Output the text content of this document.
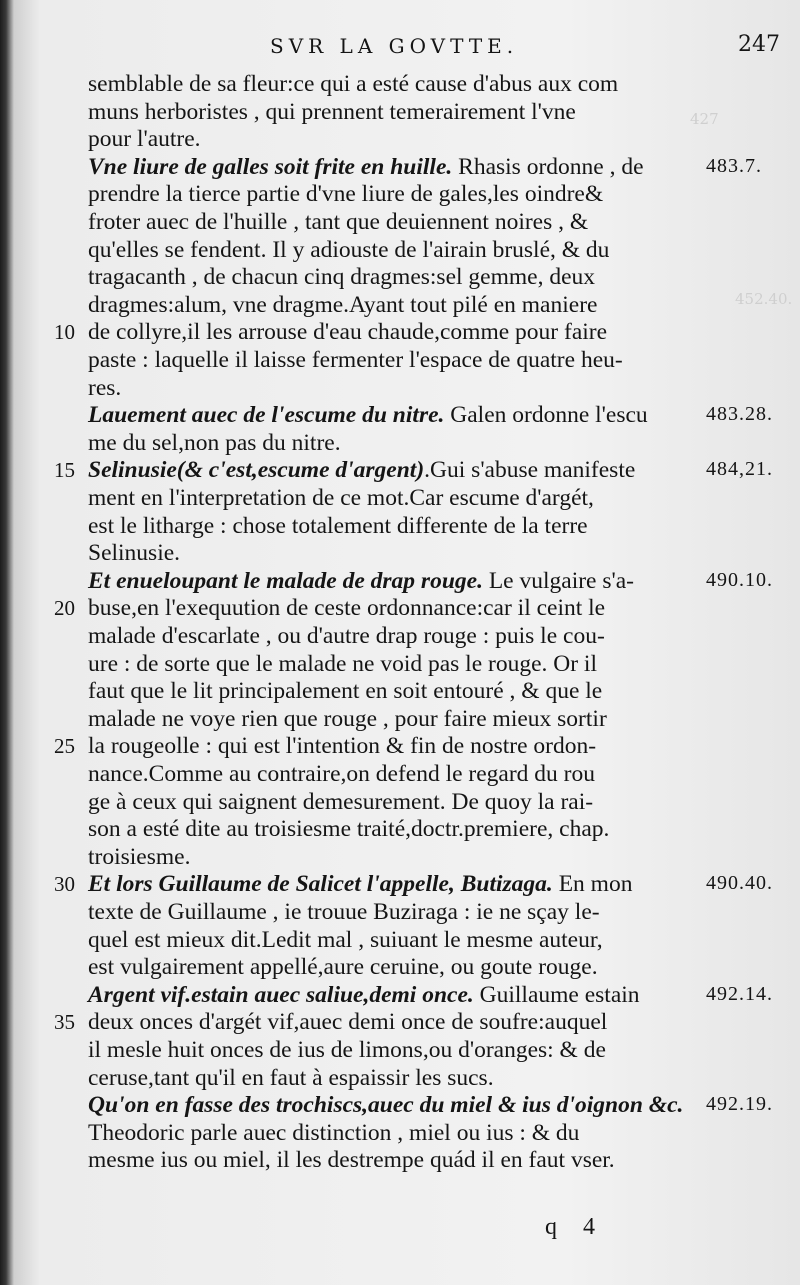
427
452.40.
SVR LA GOVTTE.	247
semblable de sa fleur:ce qui a esté cause d'abus aux com
muns herboristes , qui prennent temerairement l'vne
pour l'autre.
Vne liure de galles soit frite en huille. Rhasis ordonne , de
prendre la tierce partie d'vne liure de gales,les oindre&
froter auec de l'huille , tant que deuiennent noires , &
qu'elles se fendent. Il y adiouste de l'airain bruslé, & du
tragacanth , de chacun cinq dragmes:sel gemme, deux
dragmes:alum, vne dragme.Ayant tout pilé en maniere
de collyre,il les arrouse d'eau chaude,comme pour faire
paste : laquelle il laisse fermenter l'espace de quatre heu-
res.
Lauement auec de l'escume du nitre. Galen ordonne l'escu
me du sel,non pas du nitre.
Selinusie(& c'est,escume d'argent).Gui s'abuse manifeste
ment en l'interpretation de ce mot.Car escume d'argét,
est le litharge : chose totalement differente de la terre
Selinusie.
Et enueloupant le malade de drap rouge. Le vulgaire s'a-
buse,en l'exequution de ceste ordonnance:car il ceint le
malade d'escarlate , ou d'autre drap rouge : puis le cou-
ure : de sorte que le malade ne void pas le rouge. Or il
faut que le lit principalement en soit entouré , & que le
malade ne voye rien que rouge , pour faire mieux sortir
la rougeolle : qui est l'intention & fin de nostre ordon-
nance.Comme au contraire,on defend le regard du rou
ge à ceux qui saignent demesurement. De quoy la rai-
son a esté dite au troisiesme traité,doctr.premiere, chap.
troisiesme.
Et lors Guillaume de Salicet l'appelle, Butizaga. En mon
texte de Guillaume , ie trouue Buziraga : ie ne sçay le-
quel est mieux dit.Ledit mal , suiuant le mesme auteur,
est vulgairement appellé,aure ceruine, ou goute rouge.
Argent vif.estain auec saliue,demi once. Guillaume estain
deux onces d'argét vif,auec demi once de soufre:auquel
il mesle huit onces de ius de limons,ou d'oranges: & de
ceruse,tant qu'il en faut à espaissir les sucs.
Qu'on en fasse des trochiscs,auec du miel & ius d'oignon &c.
Theodoric parle auec distinction , miel ou ius : & du
mesme ius ou miel, il les destrempe quád il en faut vser.
10
15
20
25
30
35
483.7.
483.28.
484,21.
490.10.
490.40.
492.14.
492.19.
q 4
